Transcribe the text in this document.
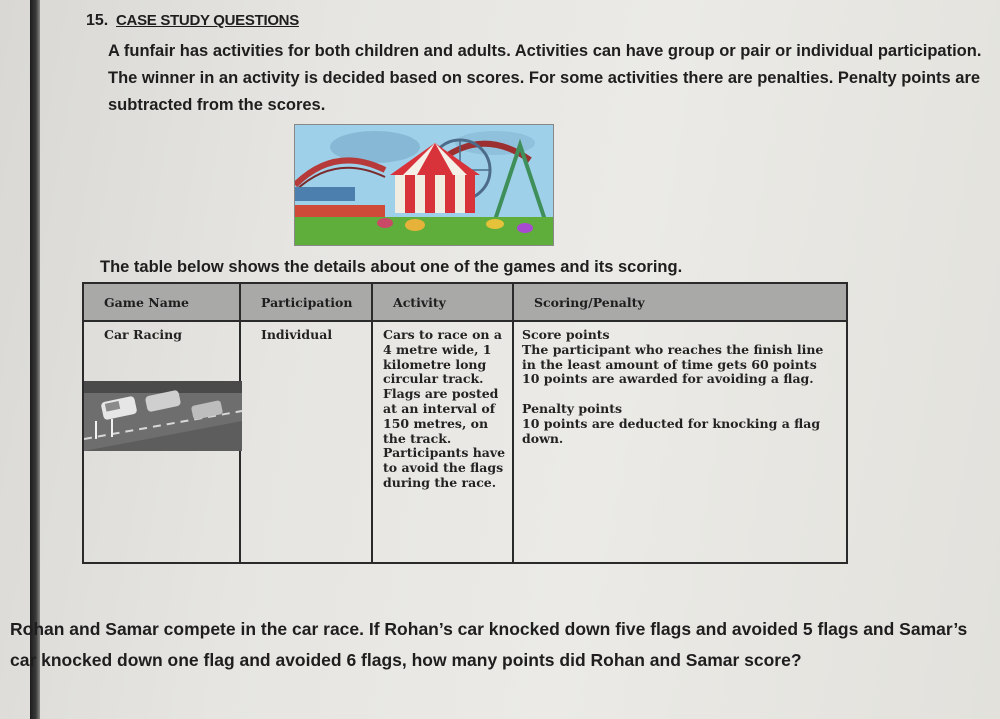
15. CASE STUDY QUESTIONS

A funfair has activities for both children and adults. Activities can have group or pair or individual participation. The winner in an activity is decided based on scores. For some activities there are penalties. Penalty points are subtracted from the scores.

The table below shows the details about one of the games and its scoring.

Game Name	Participation	Activity	Scoring/Penalty

Car Racing	Individual	Cars to race on a 4 metre wide, 1 kilometre long circular track. Flags are posted at an interval of 150 metres, on the track. Participants have to avoid the flags during the race.	Score points
The participant who reaches the finish line in the least amount of time gets 60 points
10 points are awarded for avoiding a flag.
Penalty points
10 points are deducted for knocking a flag down.

Rohan and Samar compete in the car race. If Rohan’s car knocked down five flags and avoided 5 flags and Samar’s car knocked down one flag and avoided 6 flags, how many points did Rohan and Samar score?
